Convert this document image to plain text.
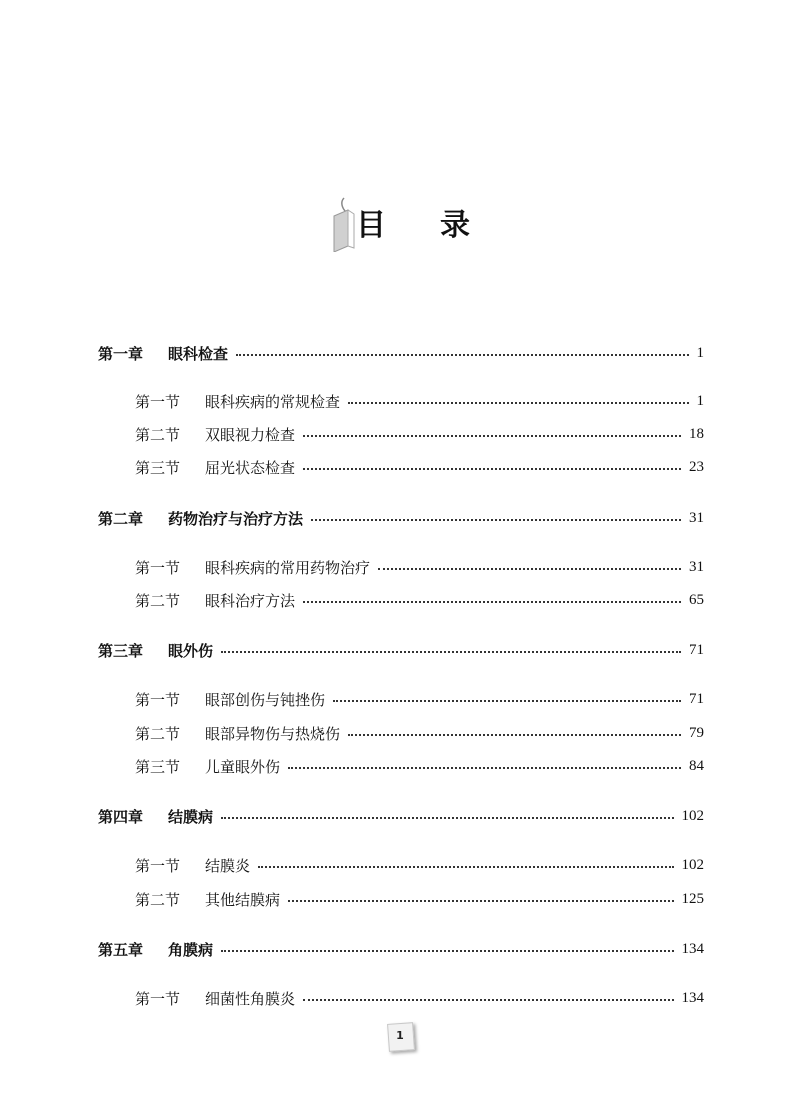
目 录
第一章	眼科检查	1
第一节	眼科疾病的常规检查	1
第二节	双眼视力检查	18
第三节	屈光状态检查	23
第二章	药物治疗与治疗方法	31
第一节	眼科疾病的常用药物治疗	31
第二节	眼科治疗方法	65
第三章	眼外伤	71
第一节	眼部创伤与钝挫伤	71
第二节	眼部异物伤与热烧伤	79
第三节	儿童眼外伤	84
第四章	结膜病	102
第一节	结膜炎	102
第二节	其他结膜病	125
第五章	角膜病	134
第一节	细菌性角膜炎	134
1
